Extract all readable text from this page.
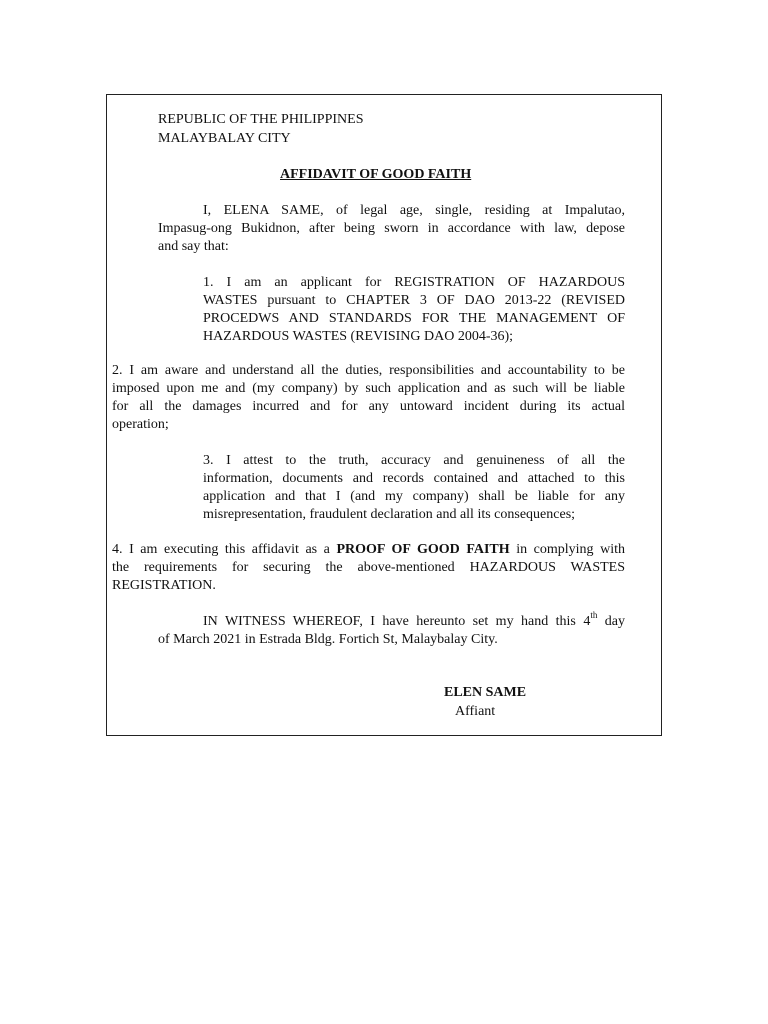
REPUBLIC OF THE PHILIPPINES
MALAYBALAY CITY
AFFIDAVIT OF GOOD FAITH
I, ELENA SAME, of legal age, single, residing at Impalutao,
Impasug-ong Bukidnon, after being sworn in accordance with law, depose
and say that:
1. I am an applicant for REGISTRATION OF HAZARDOUS
WASTES pursuant to CHAPTER 3 OF DAO 2013-22 (REVISED
PROCEDWS AND STANDARDS FOR THE MANAGEMENT OF
HAZARDOUS WASTES (REVISING DAO 2004-36);
2. I am aware and understand all the duties, responsibilities and accountability to be
imposed upon me and (my company) by such application and as such will be liable
for all the damages incurred and for any untoward incident during its actual
operation;
3. I attest to the truth, accuracy and genuineness of all the
information, documents and records contained and attached to this
application and that I (and my company) shall be liable for any
misrepresentation, fraudulent declaration and all its consequences;
4. I am executing this affidavit as a PROOF OF GOOD FAITH in complying with
the requirements for securing the above-mentioned HAZARDOUS WASTES
REGISTRATION.
IN WITNESS WHEREOF, I have hereunto set my hand this 4th day
of March 2021 in Estrada Bldg. Fortich St, Malaybalay City.
ELEN SAME
Affiant
